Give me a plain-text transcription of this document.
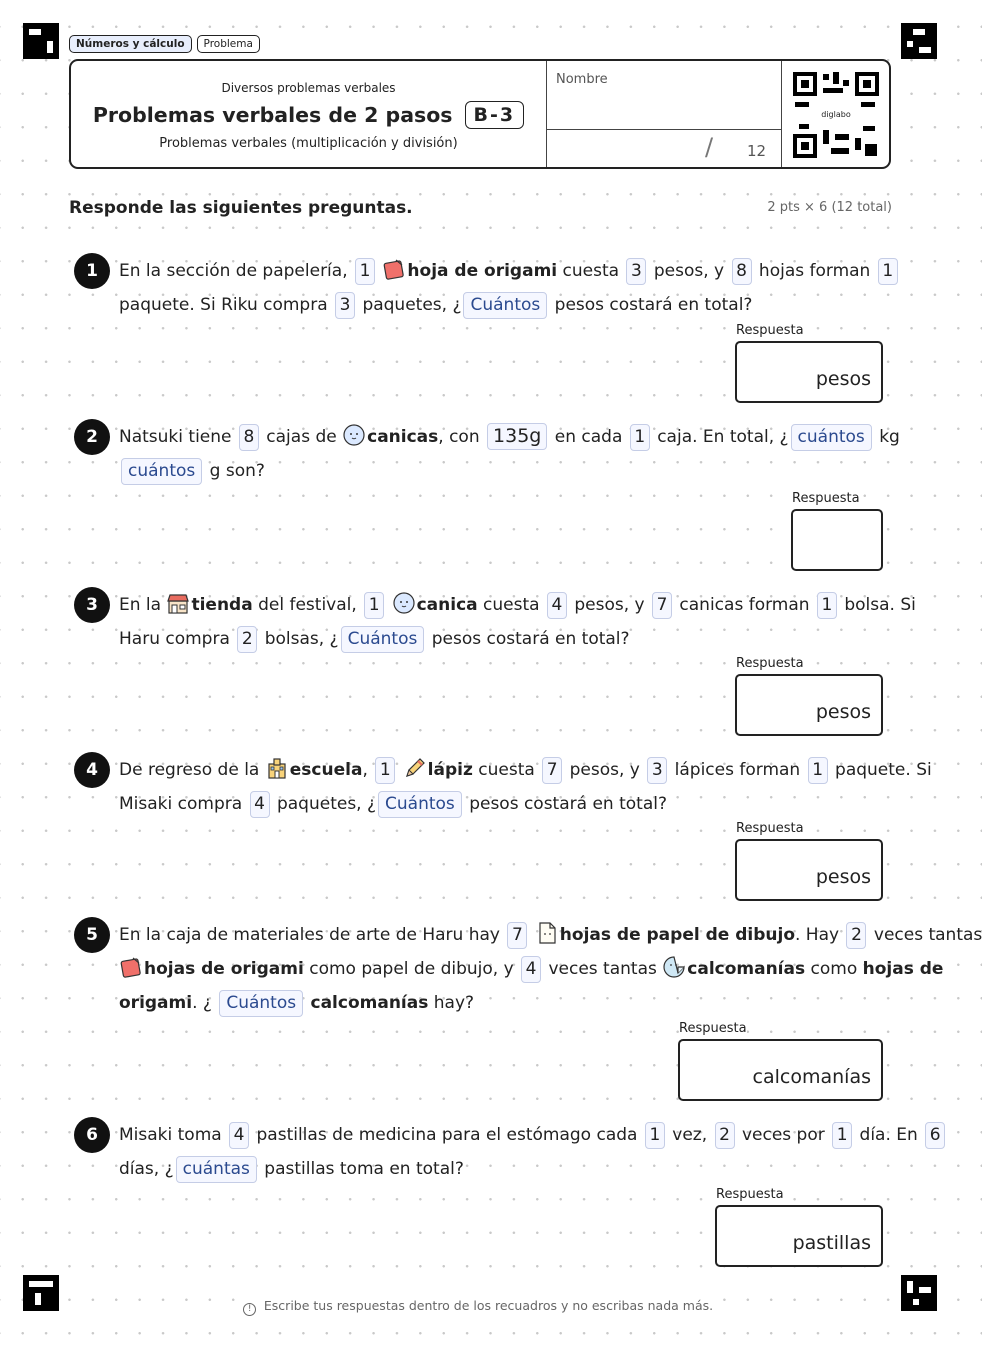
Números y cálculo	Problema
Diversos problemas verbales
Problemas verbales de 2 pasos	B-3
Problemas verbales (multiplicación y división)
Nombre
/ 12
diglabo
Responde las siguientes preguntas.	2 pts × 6 (12 total)
1	En la sección de papelería, 1 hoja de origami cuesta 3 pesos, y 8 hojas forman 1
paquete. Si Riku compra 3 paquetes, ¿ Cuántos pesos costará en total?
Respuesta
pesos
2	Natsuki tiene 8 cajas de canicas, con 135g en cada 1 caja. En total, ¿ cuántos kg
cuántos g son?
Respuesta
3	En la tienda del festival, 1 canica cuesta 4 pesos, y 7 canicas forman 1 bolsa. Si
Haru compra 2 bolsas, ¿ Cuántos pesos costará en total?
Respuesta
pesos
4	De regreso de la escuela, 1 lápiz cuesta 7 pesos, y 3 lápices forman 1 paquete. Si
Misaki compra 4 paquetes, ¿ Cuántos pesos costará en total?
Respuesta
pesos
5	En la caja de materiales de arte de Haru hay 7 hojas de papel de dibujo. Hay 2 veces tantas
hojas de origami como papel de dibujo, y 4 veces tantas calcomanías como hojas de
origami. ¿ Cuántos calcomanías hay?
Respuesta
calcomanías
6	Misaki toma 4 pastillas de medicina para el estómago cada 1 vez, 2 veces por 1 día. En 6
días, ¿ cuántas pastillas toma en total?
Respuesta
pastillas
! Escribe tus respuestas dentro de los recuadros y no escribas nada más.
